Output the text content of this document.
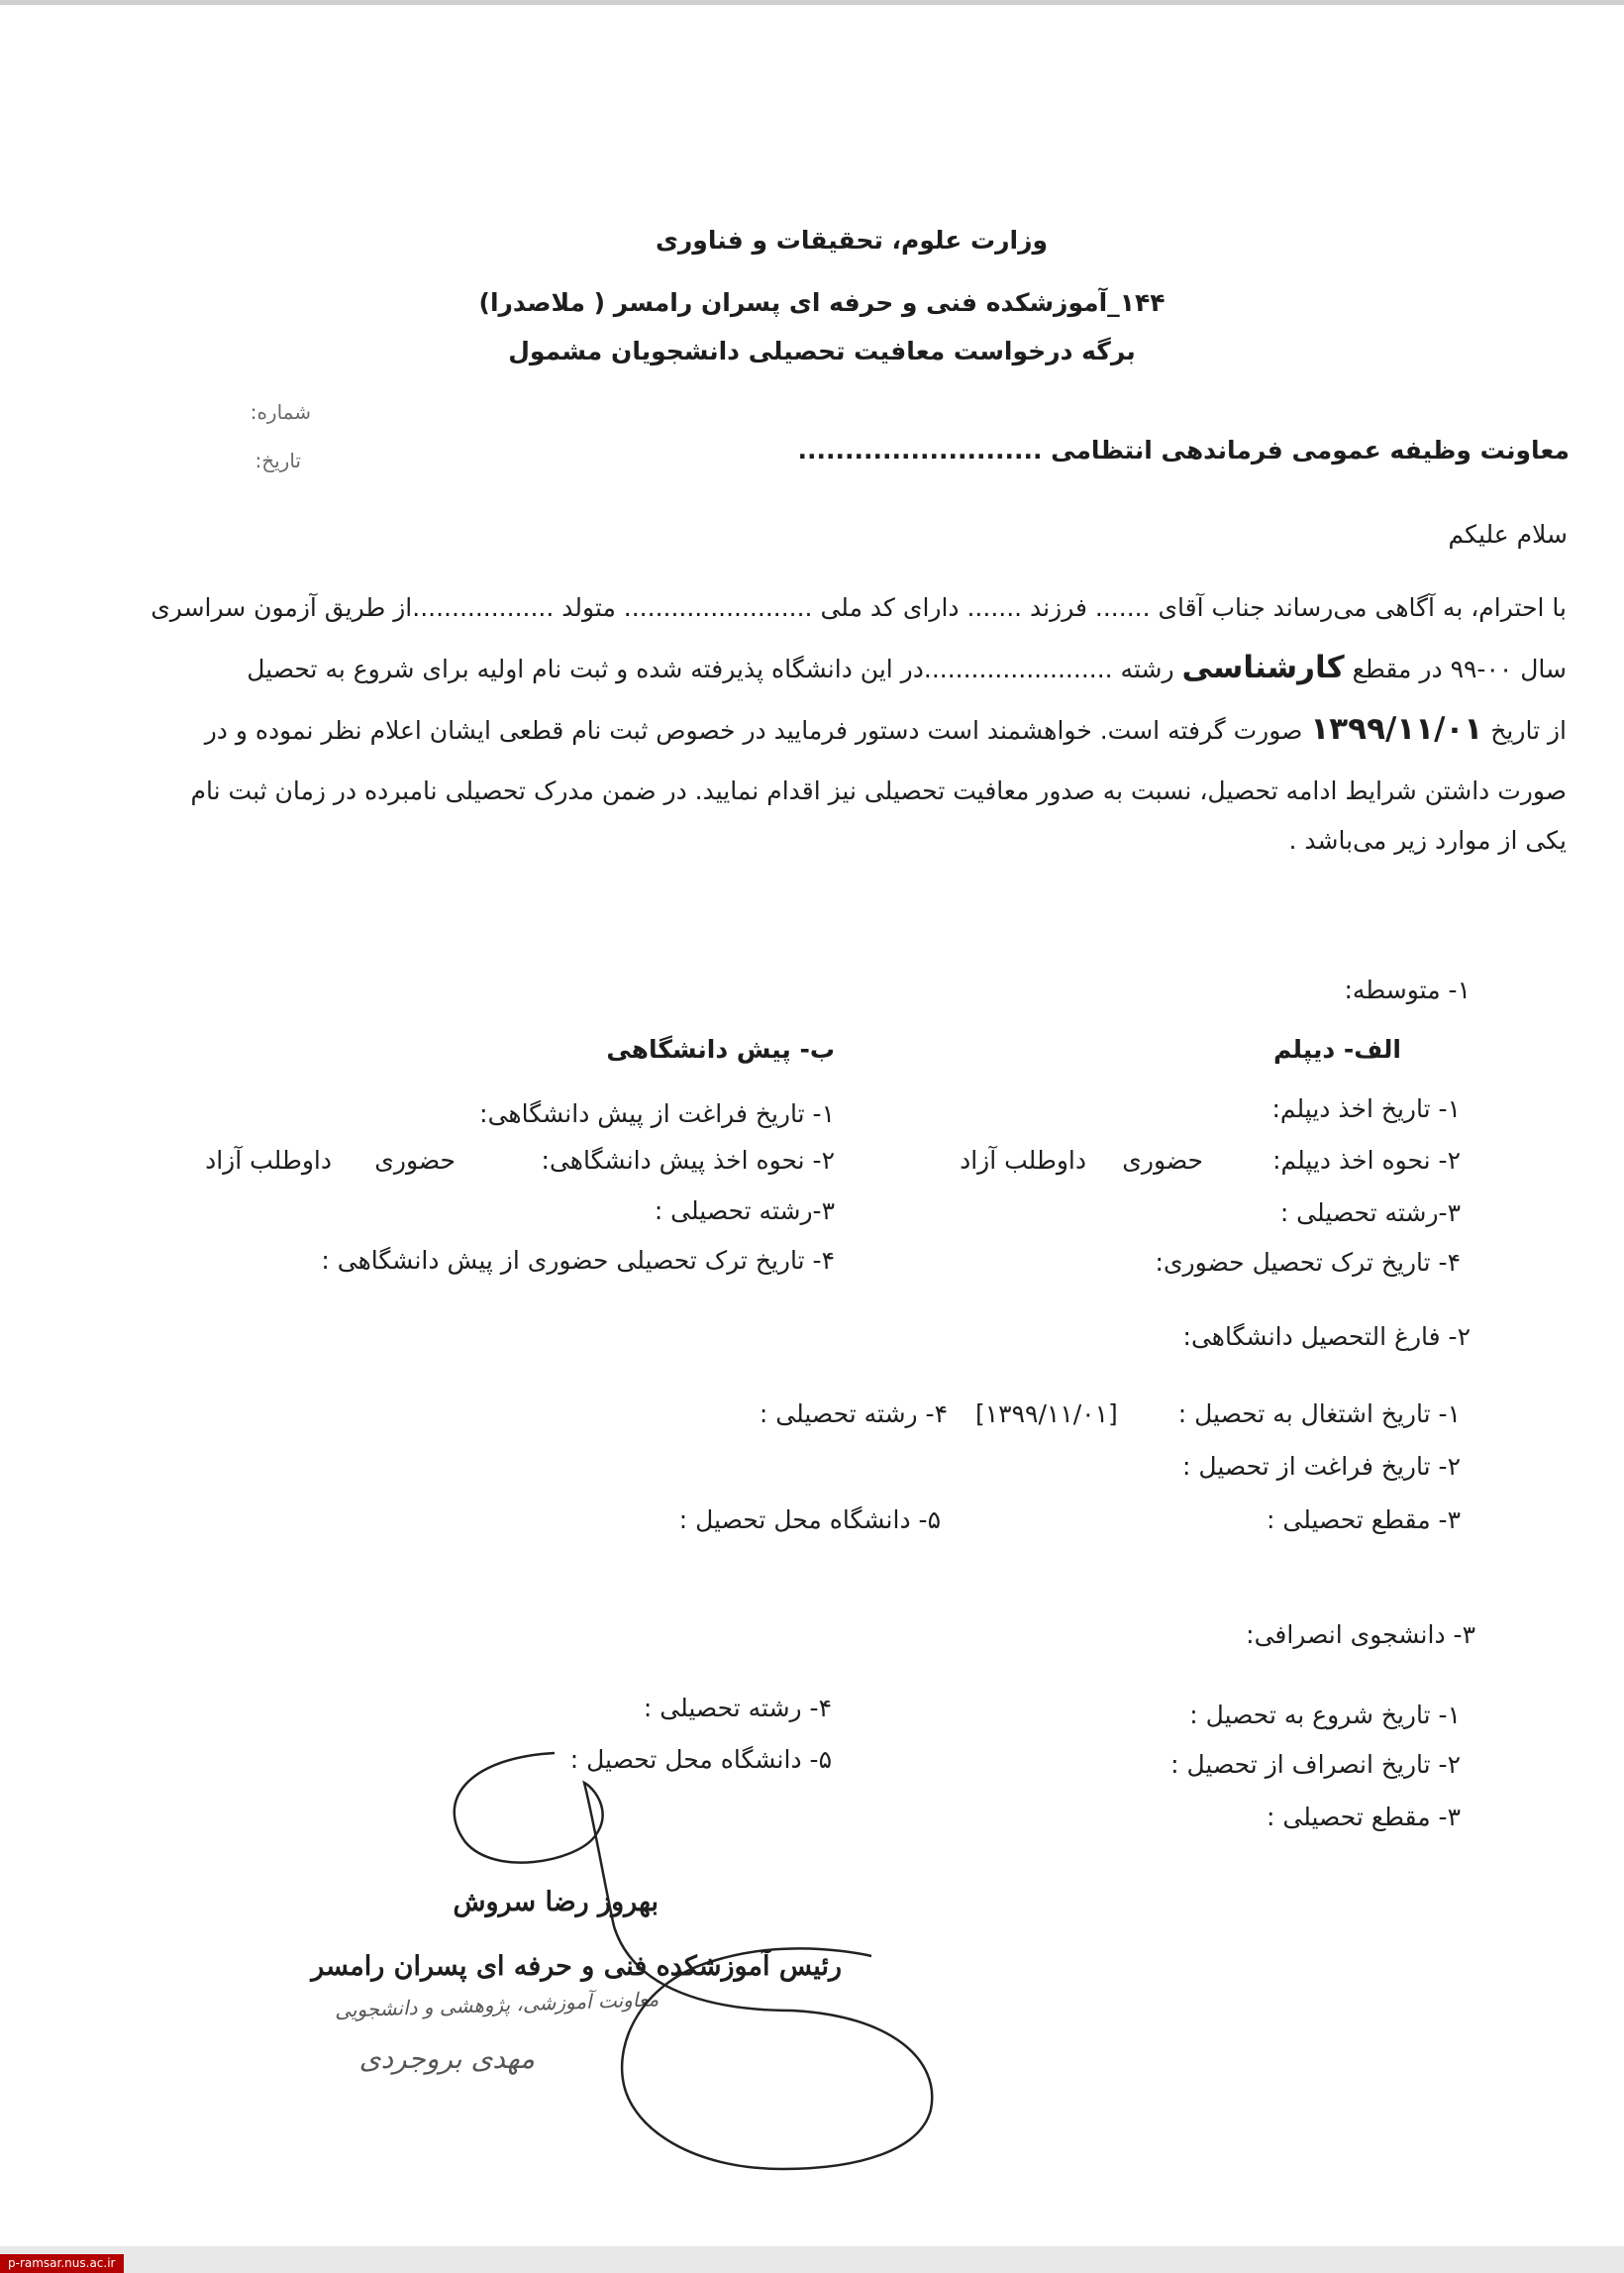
وزارت علوم، تحقیقات و فناوری
۱۴۴_آموزشکده فنی و حرفه ای پسران رامسر ( ملاصدرا)
برگه درخواست معافیت تحصیلی دانشجویان مشمول
شماره:
تاریخ:	معاونت وظیفه عمومی فرماندهی انتظامی ..........................
سلام علیکم
با احترام، به آگاهی می‌رساند جناب آقای ....... فرزند ....... دارای کد ملی ........................ متولد ..................از طریق آزمون سراسری
سال ۰۰-۹۹ در مقطع کارشناسی رشته ........................در این دانشگاه پذیرفته شده و ثبت نام اولیه برای شروع به تحصیل
از تاریخ ۱۳۹۹/۱۱/۰۱ صورت گرفته است. خواهشمند است دستور فرمایید در خصوص ثبت نام قطعی ایشان اعلام نظر نموده و در
صورت داشتن شرایط ادامه تحصیل، نسبت به صدور معافیت تحصیلی نیز اقدام نمایید. در ضمن مدرک تحصیلی نامبرده در زمان ثبت نام
یکی از موارد زیر می‌باشد .
۱- متوسطه:
الف- دیپلم
۱- تاریخ اخذ دیپلم:
۲- نحوه اخذ دیپلم:
حضوری
داوطلب آزاد
۳-رشته تحصیلی :
۴- تاریخ ترک تحصیل حضوری:
ب- پیش دانشگاهی
۱- تاریخ فراغت از پیش دانشگاهی:
۲- نحوه اخذ پیش دانشگاهی:
حضوری
داوطلب آزاد
۳-رشته تحصیلی :
۴- تاریخ ترک تحصیلی حضوری از پیش دانشگاهی :
۲- فارغ التحصیل دانشگاهی:
۱- تاریخ اشتغال به تحصیل :
[۱۳۹۹/۱۱/۰۱]
۴- رشته تحصیلی :
۲- تاریخ فراغت از تحصیل :
۳- مقطع تحصیلی :
۵- دانشگاه محل تحصیل :
۳- دانشجوی انصرافی:
۱- تاریخ شروع به تحصیل :
۴- رشته تحصیلی :
۲- تاریخ انصراف از تحصیل :
۵- دانشگاه محل تحصیل :
۳- مقطع تحصیلی :
بهروز رضا سروش
رئیس آموزشکده فنی و حرفه ای پسران رامسر
معاونت آموزشی، پژوهشی و دانشجویی
مهدی بروجردی
p-ramsar.nus.ac.ir
